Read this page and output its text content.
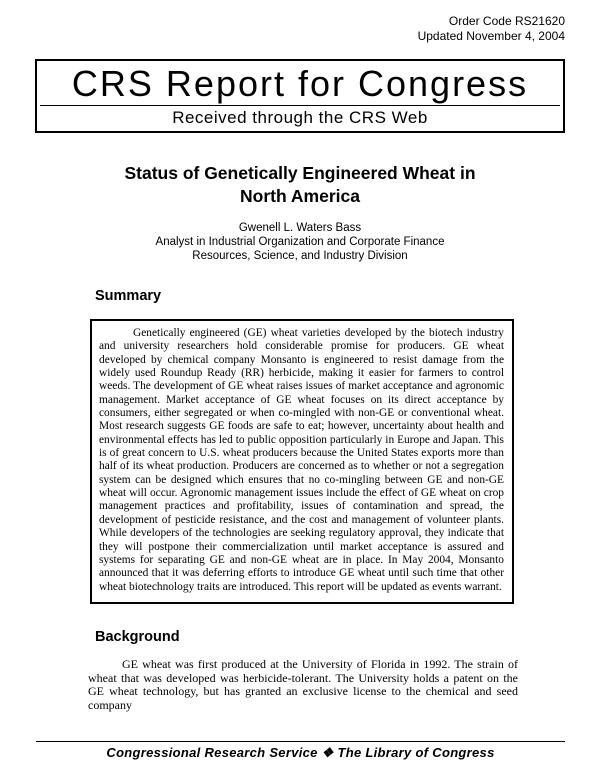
Order Code RS21620
Updated November 4, 2004
CRS Report for Congress
Received through the CRS Web
Status of Genetically Engineered Wheat in North America
Gwenell L. Waters Bass
Analyst in Industrial Organization and Corporate Finance
Resources, Science, and Industry Division
Summary

Genetically engineered (GE) wheat varieties developed by the biotech industry and university researchers hold considerable promise for producers. GE wheat developed by chemical company Monsanto is engineered to resist damage from the widely used Roundup Ready (RR) herbicide, making it easier for farmers to control weeds. The development of GE wheat raises issues of market acceptance and agronomic management. Market acceptance of GE wheat focuses on its direct acceptance by consumers, either segregated or when co-mingled with non-GE or conventional wheat. Most research suggests GE foods are safe to eat; however, uncertainty about health and environmental effects has led to public opposition particularly in Europe and Japan. This is of great concern to U.S. wheat producers because the United States exports more than half of its wheat production. Producers are concerned as to whether or not a segregation system can be designed which ensures that no co-mingling between GE and non-GE wheat will occur. Agronomic management issues include the effect of GE wheat on crop management practices and profitability, issues of contamination and spread, the development of pesticide resistance, and the cost and management of volunteer plants. While developers of the technologies are seeking regulatory approval, they indicate that they will postpone their commercialization until market acceptance is assured and systems for separating GE and non-GE wheat are in place. In May 2004, Monsanto announced that it was deferring efforts to introduce GE wheat until such time that other wheat biotechnology traits are introduced. This report will be updated as events warrant.

Background

GE wheat was first produced at the University of Florida in 1992. The strain of wheat that was developed was herbicide-tolerant. The University holds a patent on the GE wheat technology, but has granted an exclusive license to the chemical and seed company

Congressional Research Service ❖ The Library of Congress
